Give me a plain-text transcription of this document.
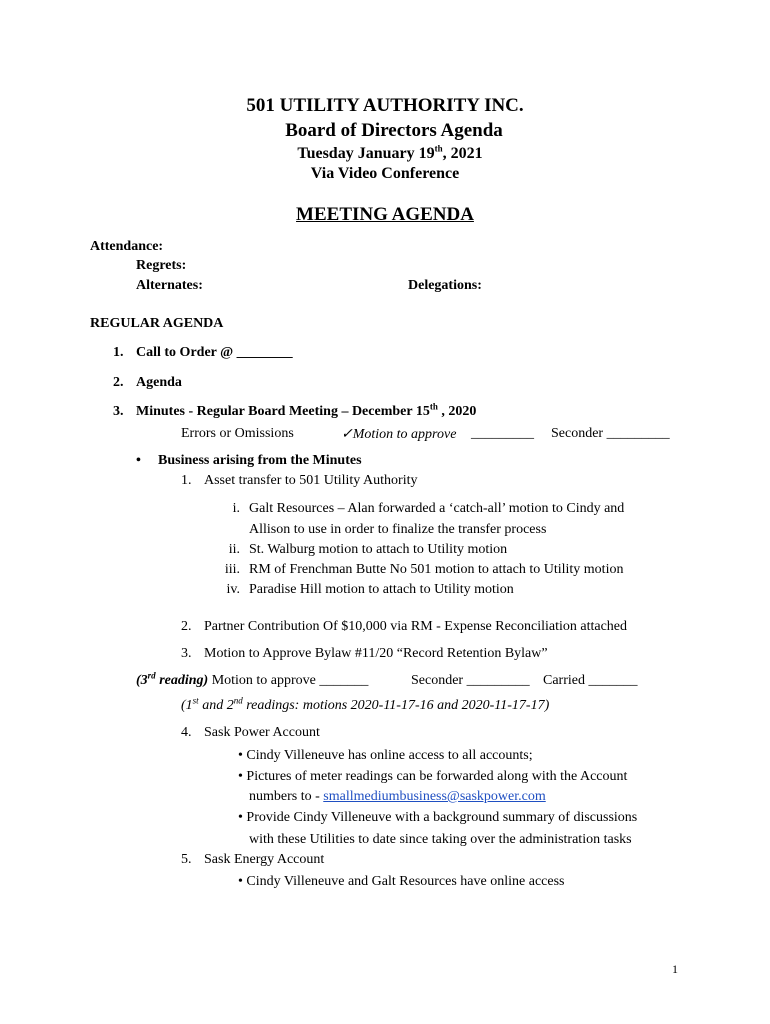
501 UTILITY AUTHORITY INC.
Board of Directors Agenda
Tuesday January 19th, 2021
Via Video Conference
MEETING AGENDA
Attendance:
Regrets:
Alternates:	Delegations:
REGULAR AGENDA
1. Call to Order @ ________
2. Agenda
3. Minutes - Regular Board Meeting – December 15th , 2020
Errors or Omissions	✓Motion to approve _________ Seconder _________
• Business arising from the Minutes
1. Asset transfer to 501 Utility Authority
i. Galt Resources – Alan forwarded a ‘catch-all’ motion to Cindy and
Allison to use in order to finalize the transfer process
ii. St. Walburg motion to attach to Utility motion
iii. RM of Frenchman Butte No 501 motion to attach to Utility motion
iv. Paradise Hill motion to attach to Utility motion
2. Partner Contribution Of $10,000 via RM - Expense Reconciliation attached
3. Motion to Approve Bylaw #11/20 “Record Retention Bylaw”
(3rd reading) Motion to approve _______	Seconder _________ Carried _______
(1st and 2nd readings: motions 2020-11-17-16 and 2020-11-17-17)
4. Sask Power Account
• Cindy Villeneuve has online access to all accounts;
• Pictures of meter readings can be forwarded along with the Account
numbers to - smallmediumbusiness@saskpower.com
• Provide Cindy Villeneuve with a background summary of discussions
with these Utilities to date since taking over the administration tasks
5. Sask Energy Account
• Cindy Villeneuve and Galt Resources have online access
1
